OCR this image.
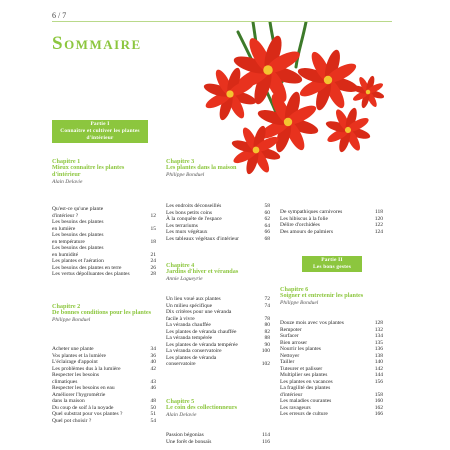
6 / 7
Sommaire
Partie I
Connaître et cultiver les plantes d'intérieur
Chapitre 1
Mieux connaître les plantes d'intérieur
Alain Delavie
Qu'est-ce qu'une plante
d'intérieur ?	12
Les besoins des plantes
en lumière	15
Les besoins des plantes
en température	18
Les besoins des plantes
en humidité	21
Les plantes et l'aération	24
Les besoins des plantes en terre	26
Les vertus dépolluantes des plantes	28
Chapitre 2
De bonnes conditions pour les plantes
Philippe Bonduel
Acheter une plante	34
Vos plantes et la lumière	36
L'éclairage d'appoint	40
Les problèmes dus à la lumière	42
Respecter les besoins
climatiques	43
Respecter les besoins en eau	46
Améliorer l'hygrométrie
dans la maison	48
Du coup de soif à la noyade	50
Quel substrat pour vos plantes ?	51
Quel pot choisir ?	54
Chapitre 3
Les plantes dans la maison
Philippe Bonduel
Les endroits déconseillés	58
Les bons petits coins	60
À la conquête de l'espace	62
Les terrariums	64
Les murs végétaux	66
Les tableaux végétaux d'intérieur	68
Chapitre 4
Jardins d'hiver et vérandas
Annie Lagueyrie
Un lieu voué aux plantes	72
Un milieu spécifique	74
Dix critères pour une véranda
facile à vivre	78
La véranda chauffée	80
Les plantes de véranda chauffée	82
La véranda tempérée	88
Les plantes de véranda tempérée	90
La véranda conservatoire	100
Les plantes de véranda
conservatoire	102
Chapitre 5
Le coin des collectionneurs
Alain Delavie
Passion bégonias	114
Une forêt de bonsaïs	116
De sympathiques carnivores	118
Les hibiscus à la folie	120
Délire d'orchidées	122
Des amours de palmiers	124
Partie II
Les bons gestes
Chapitre 6
Soigner et entretenir les plantes
Philippe Bonduel
Douze mois avec vos plantes	128
Rempoter	132
Surfacer	134
Bien arroser	135
Nourrir les plantes	136
Nettoyer	138
Tailler	140
Tuteurer et palisser	142
Multiplier ses plantes	144
Les plantes en vacances	156
La fragilité des plantes
d'intérieur	158
Les maladies courantes	160
Les ravageurs	162
Les erreurs de culture	166
